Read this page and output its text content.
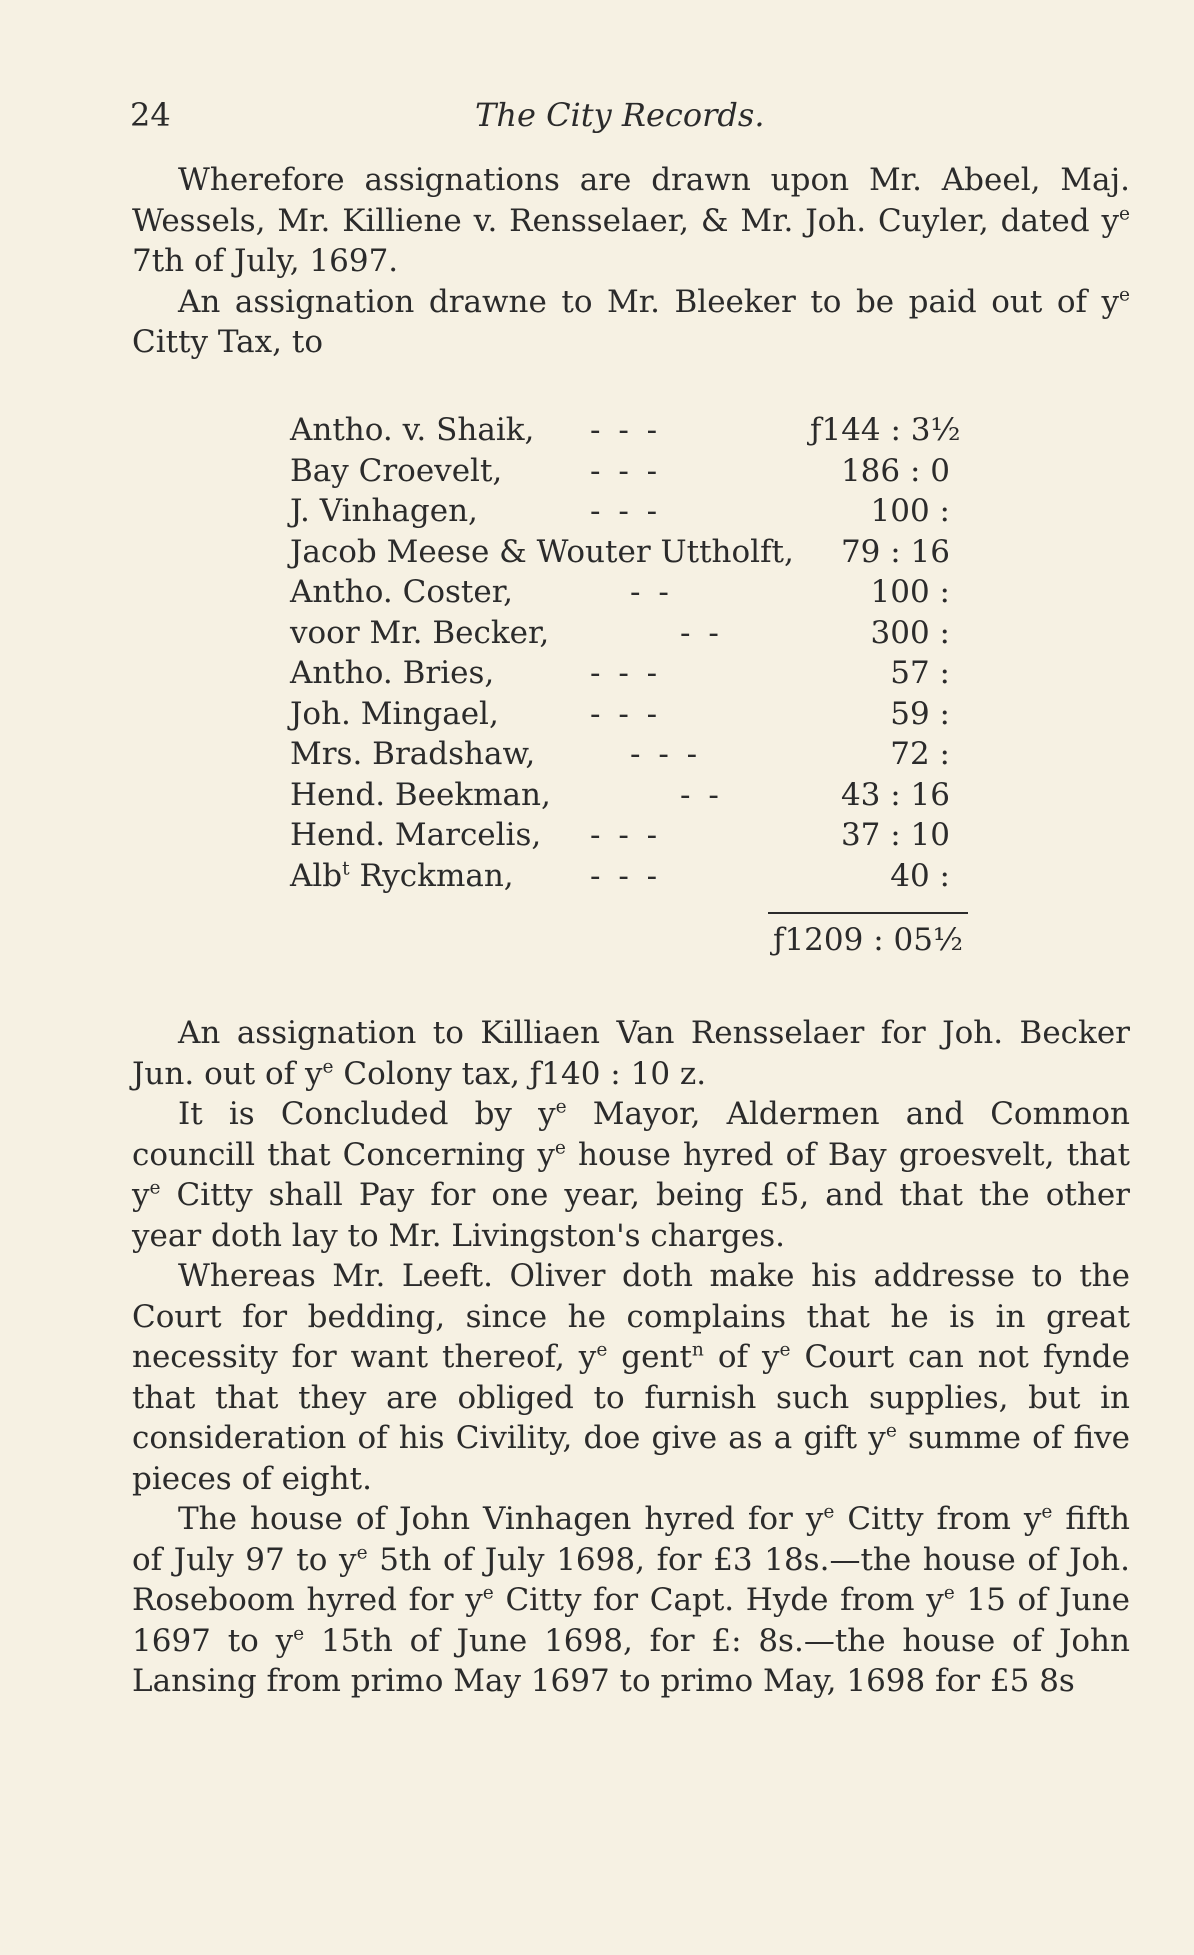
24	The City Records.

Wherefore assignations are drawn upon Mr. Abeel, Maj. Wessels, Mr. Killiene v. Rensselaer, & Mr. Joh. Cuyler, dated $y^e$ 7th of July, 1697.

An assignation drawne to Mr. Bleeker to be paid out of $y^e$ Citty Tax, to

Antho. v. Shaik, - - -	ƒ144 : 3½
Bay Croevelt,	- - -	186 : 0
J. Vinhagen,	- - -	100 :
Jacob Meese & Wouter Uttholft,	79 : 16
Antho. Coster,	- -	100 :
voor Mr. Becker,	- -	300 :
Antho. Bries,	- - -	57 :
Joh. Mingael,	- - -	59 :
Mrs. Bradshaw,	- - -	72 :
Hend. Beekman,	- -	43 : 16
Hend. Marcelis, - - -	37 : 10
Alb$^t$ Ryckman, - - -	40 :
ƒ1209 : 05½

An assignation to Killiaen Van Rensselaer for Joh. Becker Jun. out of $y^e$ Colony tax, ƒ140 : 10 z.

It is Concluded by $y^e$ Mayor, Aldermen and Common councill that Concerning $y^e$ house hyred of Bay groesvelt, that $y^e$ Citty shall Pay for one year, being £5, and that the other year doth lay to Mr. Livingston's charges.

Whereas Mr. Leeft. Oliver doth make his addresse to the Court for bedding, since he complains that he is in great necessity for want thereof, $y^e$ gent$^n$ of $y^e$ Court can not fynde that that they are obliged to furnish such supplies, but in consideration of his Civility, doe give as a gift $y^e$ summe of five pieces of eight.

The house of John Vinhagen hyred for $y^e$ Citty from $y^e$ fifth of July 97 to $y^e$ 5th of July 1698, for £3 18s.—the house of Joh. Roseboom hyred for $y^e$ Citty for Capt. Hyde from $y^e$ 15 of June 1697 to $y^e$ 15th of June 1698, for £: 8s.—the house of John Lansing from primo May 1697 to primo May, 1698 for £5 8s
